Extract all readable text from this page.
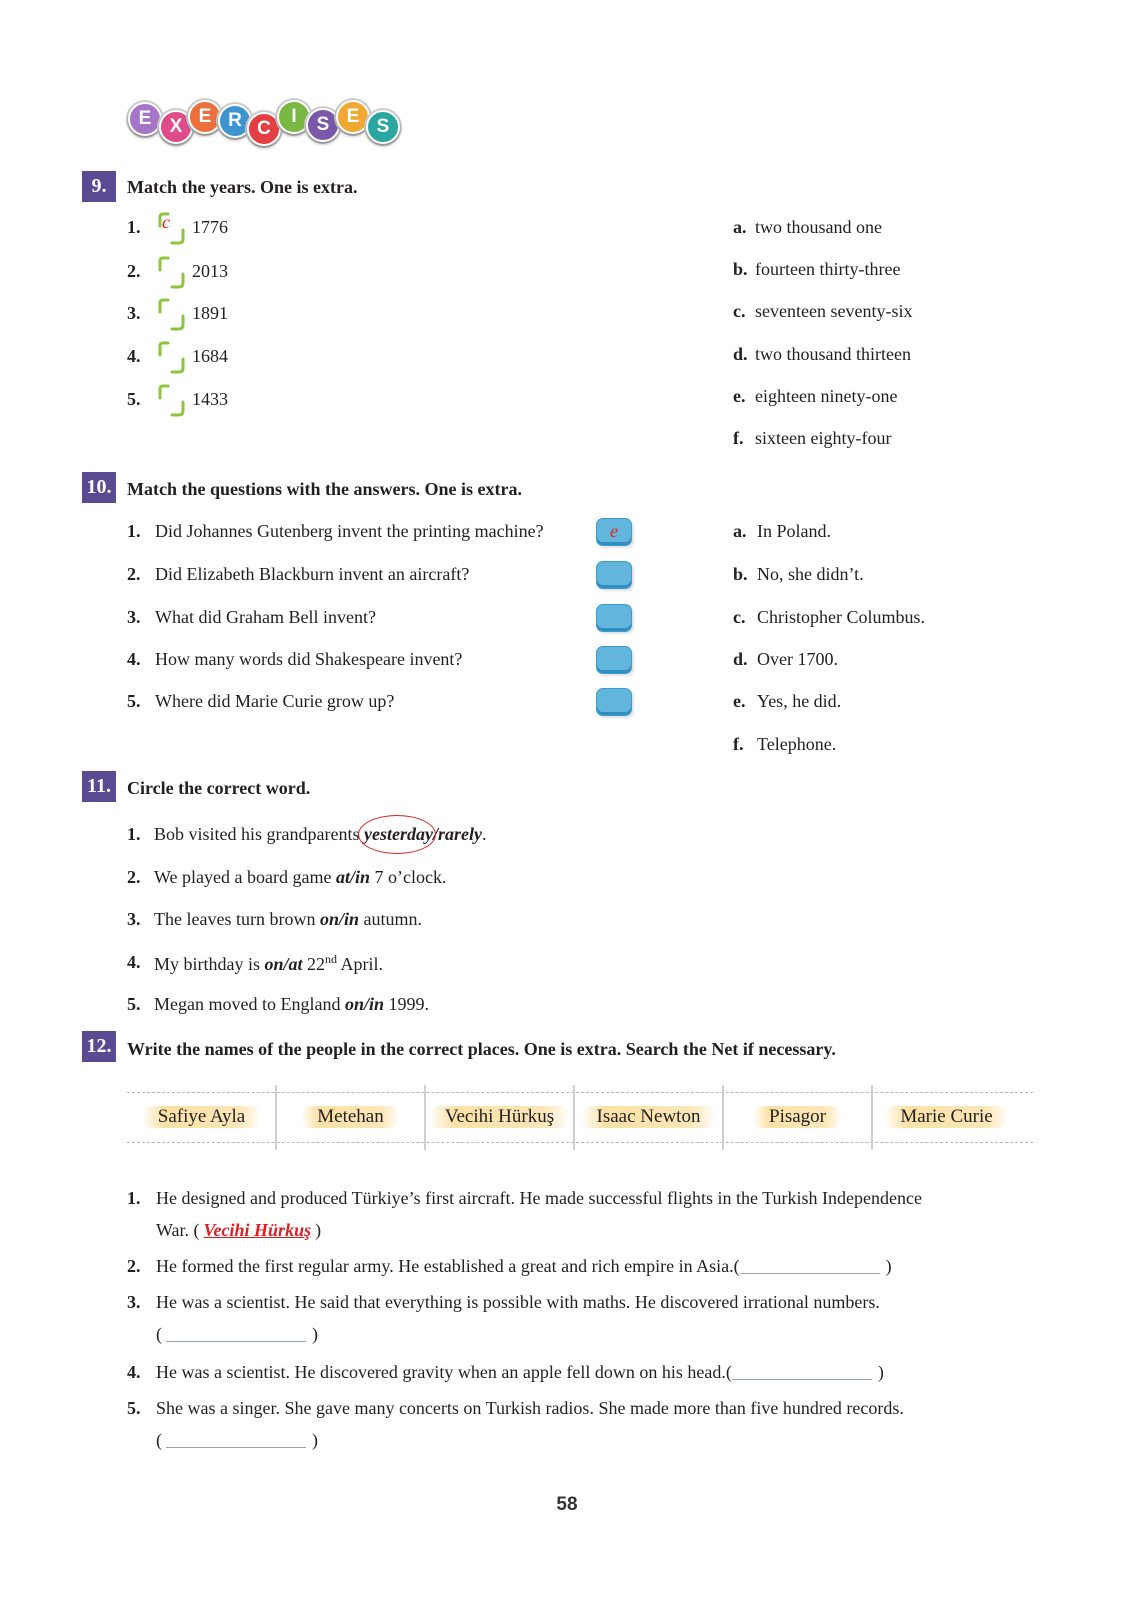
E X E R C
I	S E S
9.	Match the years. One is extra.
1. c 1776
2.	2013
3.	1891
4.	1684
5.	1433
a. two thousand one
b. fourteen thirty-three
c. seventeen seventy-six
d. two thousand thirteen
e. eighteen ninety-one
f. sixteen eighty-four
10. Match the questions with the answers. One is extra.
1. Did Johannes Gutenberg invent the printing machine?	e
2. Did Elizabeth Blackburn invent an aircraft?
3. What did Graham Bell invent?
4. How many words did Shakespeare invent?
5. Where did Marie Curie grow up?
a. In Poland.
b. No, she didn’t.
c. Christopher Columbus.
d. Over 1700.
e. Yes, he did.
f. Telephone.
11. Circle the correct word.
1. Bob visited his grandparents yesterday
/rarely.
2. We played a board game at/in 7 o’clock.
3. The leaves turn brown on/in autumn.
4. My birthday is on/at 22nd April.
5. Megan moved to England on/in 1999.
12. Write the names of the people in the correct places. One is extra. Search the Net if necessary.
Safiye Ayla	Metehan	Vecihi Hürkuş	Isaac Newton	Pisagor	Marie Curie
1. He designed and produced Türkiye’s first aircraft. He made successful flights in the Turkish Independence
War. ( Vecihi Hürkuş )
2. He formed the first regular army. He established a great and rich empire in Asia.(	)
3. He was a scientist. He said that everything is possible with maths. He discovered irrational numbers.
(	)
4. He was a scientist. He discovered gravity when an apple fell down on his head.(	)
5. She was a singer. She gave many concerts on Turkish radios. She made more than five hundred records.
(	)
58
